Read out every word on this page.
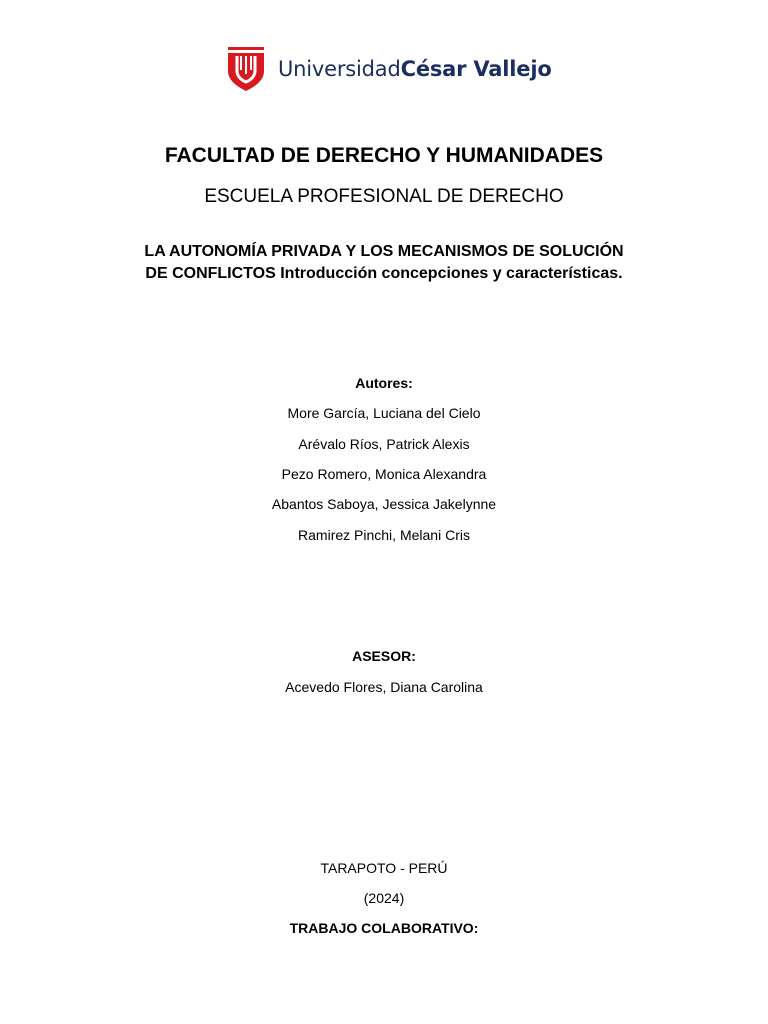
UniversidadCésar Vallejo
FACULTAD DE DERECHO Y HUMANIDADES
ESCUELA PROFESIONAL DE DERECHO
LA AUTONOMÍA PRIVADA Y LOS MECANISMOS DE SOLUCIÓN
DE CONFLICTOS Introducción concepciones y características.
Autores:
More García, Luciana del Cielo
Arévalo Ríos, Patrick Alexis
Pezo Romero, Monica Alexandra
Abantos Saboya, Jessica Jakelynne
Ramirez Pinchi, Melani Cris
ASESOR:
Acevedo Flores, Diana Carolina
TARAPOTO - PERÚ
(2024)
TRABAJO COLABORATIVO:
